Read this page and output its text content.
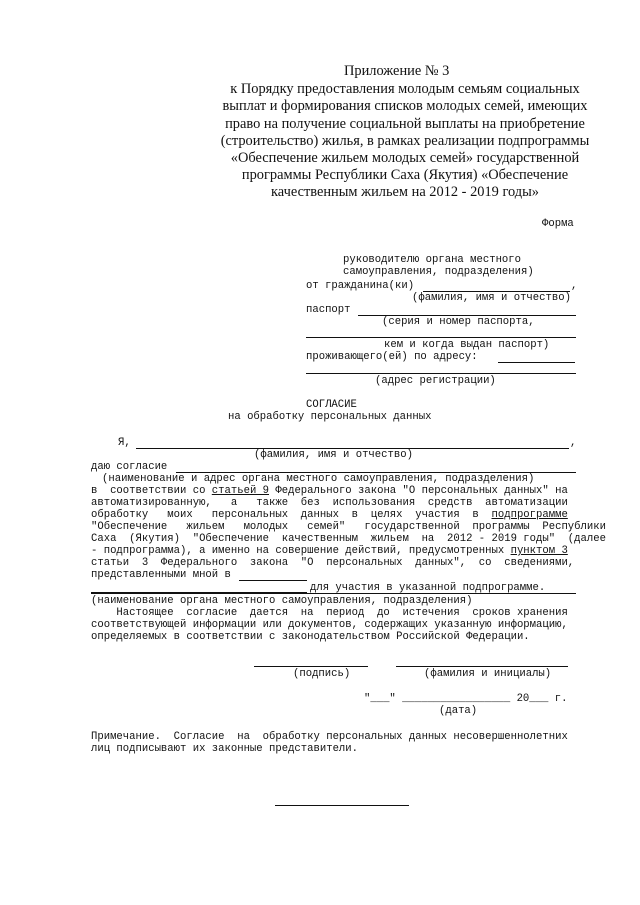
Приложение № 3
к Порядку предоставления молодым семьям социальных
выплат и формирования списков молодых семей, имеющих
право на получение социальной выплаты на приобретение
(строительство) жилья, в рамках реализации подпрограммы
«Обеспечение жильем молодых семей» государственной
программы Республики Саха (Якутия) «Обеспечение
качественным жильем на 2012 - 2019 годы»
Форма
руководителю органа местного
самоуправления, подразделения)
от гражданина(ки)	,
(фамилия, имя и отчество)
паспорт
(серия и номер паспорта,
кем и когда выдан паспорт)
проживающего(ей) по адресу:
(адрес регистрации)
СОГЛАСИЕ
на обработку персональных данных
Я,	,
(фамилия, имя и отчество)
даю согласие
(наименование и адрес органа местного самоуправления, подразделения)
в  соответствии со статьей 9 Федерального закона "О персональных данных" на
автоматизированную,   а   также  без  использования  средств  автоматизации
обработку   моих   персональных  данных  в  целях  участия  в  подпрограмме
"Обеспечение   жильем   молодых   семей"   государственной  программы  Республики
Саха  (Якутия)  "Обеспечение  качественным  жильем  на  2012 - 2019 годы"  (далее
- подпрограмма), а именно на совершение действий, предусмотренных пунктом 3
статьи  3  Федерального  закона  "О  персональных  данных",  со  сведениями,
представленными мной в
для участия в указанной подпрограмме.
(наименование органа местного самоуправления, подразделения)
Настоящее  согласие  дается  на  период  до  истечения  сроков хранения
соответствующей информации или документов, содержащих указанную информацию,
определяемых в соответствии с законодательством Российской Федерации.
(подпись)	(фамилия и инициалы)
"___" _________________ 20___ г.
(дата)
Примечание.  Согласие  на  обработку персональных данных несовершеннолетних
лиц подписывают их законные представители.
